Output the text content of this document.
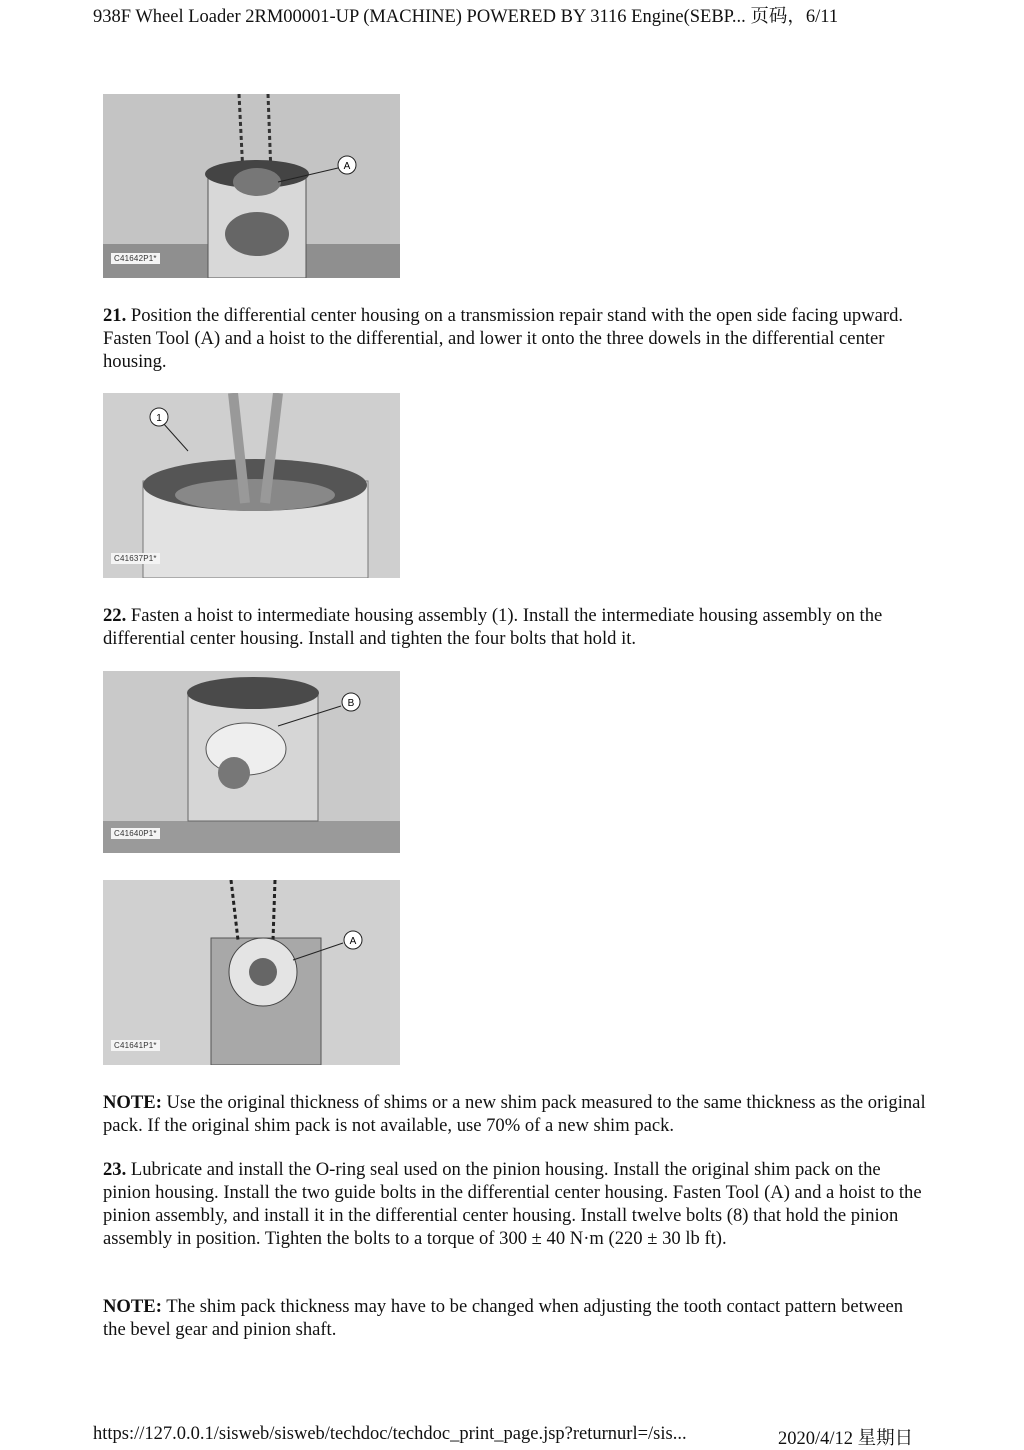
938F Wheel Loader 2RM00001-UP (MACHINE) POWERED BY 3116 Engine(SEBP... 页码，6/11
A
C41642P1*

21. Position the differential center housing on a transmission repair stand with the open side facing upward. Fasten Tool (A) and a hoist to the differential, and lower it onto the three dowels in the differential center housing.

1
C41637P1*

22. Fasten a hoist to intermediate housing assembly (1). Install the intermediate housing assembly on the differential center housing. Install and tighten the four bolts that hold it.

B
C41640P1*
A
C41641P1*

NOTE: Use the original thickness of shims or a new shim pack measured to the same thickness as the original pack. If the original shim pack is not available, use 70% of a new shim pack.

23. Lubricate and install the O-ring seal used on the pinion housing. Install the original shim pack on the pinion housing. Install the two guide bolts in the differential center housing. Fasten Tool (A) and a hoist to the pinion assembly, and install it in the differential center housing. Install twelve bolts (8) that hold the pinion assembly in position. Tighten the bolts to a torque of 300 ± 40 N·m (220 ± 30 lb ft).

NOTE: The shim pack thickness may have to be changed when adjusting the tooth contact pattern between the bevel gear and pinion shaft.

https://127.0.0.1/sisweb/sisweb/techdoc/techdoc_print_page.jsp?returnurl=/sis...	2020/4/12 星期日
